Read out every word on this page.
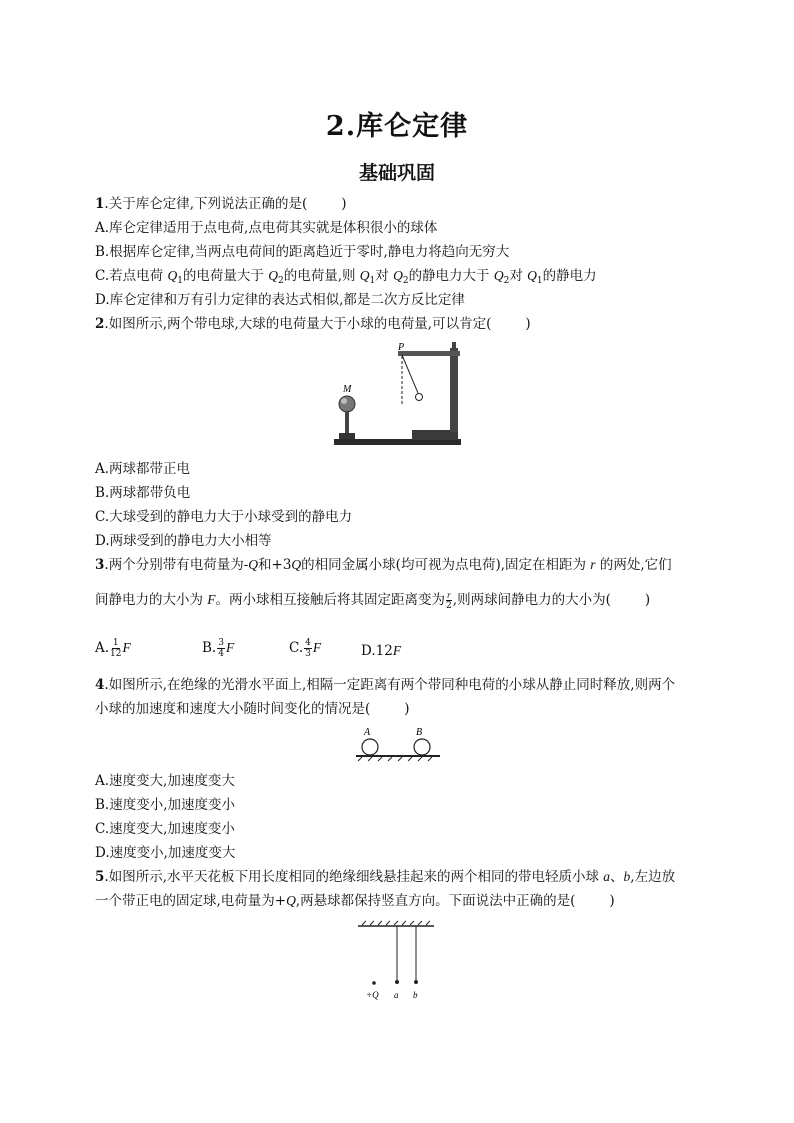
2.库仑定律
基础巩固
1.关于库仑定律,下列说法正确的是(	)
A.库仑定律适用于点电荷,点电荷其实就是体积很小的球体
B.根据库仑定律,当两点电荷间的距离趋近于零时,静电力将趋向无穷大
C.若点电荷 $Q_1$的电荷量大于 $Q_2$的电荷量,则 $Q_1$对 $Q_2$的静电力大于 $Q_2$对 $Q_1$的静电力
D.库仑定律和万有引力定律的表达式相似,都是二次方反比定律
2.如图所示,两个带电球,大球的电荷量大于小球的电荷量,可以肯定(	)
P
M
A.两球都带正电
B.两球都带负电
C.大球受到的静电力大于小球受到的静电力
D.两球受到的静电力大小相等
3.两个分别带有电荷量为-Q和+3Q的相同金属小球(均可视为点电荷),固定在相距为 r 的两处,它们
间静电力的大小为 F。两小球相互接触后将其固定距离变为 $\frac{r}{2}$ ,则两球间静电力的大小为(	)
A. $\frac{1}{12}$ F	B. $\frac{3}{4}$ F	C. $\frac{4}{3}$ F	D.12F
4.如图所示,在绝缘的光滑水平面上,相隔一定距离有两个带同种电荷的小球从静止同时释放,则两个
小球的加速度和速度大小随时间变化的情况是(	)
A	B
A.速度变大,加速度变大
B.速度变小,加速度变小
C.速度变大,加速度变小
D.速度变小,加速度变大
5.如图所示,水平天花板下用长度相同的绝缘细线悬挂起来的两个相同的带电轻质小球 a、b,左边放
一个带正电的固定球,电荷量为+Q,两悬球都保持竖直方向。下面说法中正确的是(	)
+Q a b
